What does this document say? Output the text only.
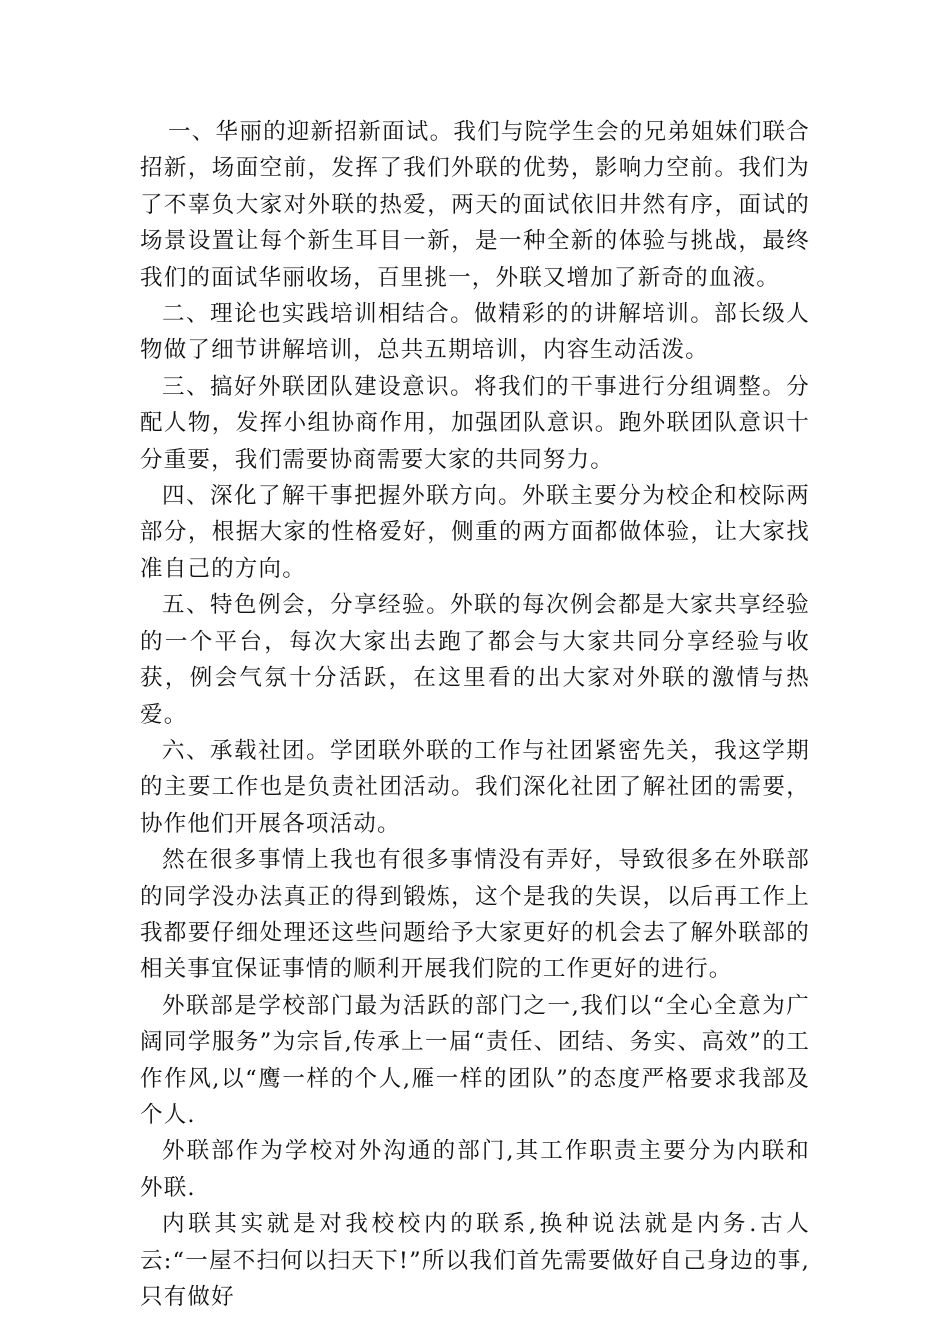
一、华丽的迎新招新面试。我们与院学生会的兄弟姐妹们联合招新，场面空前，发挥了我们外联的优势，影响力空前。我们为了不辜负大家对外联的热爱，两天的面试依旧井然有序，面试的场景设置让每个新生耳目一新，是一种全新的体验与挑战，最终我们的面试华丽收场，百里挑一，外联又增加了新奇的血液。

二、理论也实践培训相结合。做精彩的的讲解培训。部长级人物做了细节讲解培训，总共五期培训，内容生动活泼。

三、搞好外联团队建设意识。将我们的干事进行分组调整。分配人物，发挥小组协商作用，加强团队意识。跑外联团队意识十分重要，我们需要协商需要大家的共同努力。

四、深化了解干事把握外联方向。外联主要分为校企和校际两部分，根据大家的性格爱好，侧重的两方面都做体验，让大家找准自己的方向。

五、特色例会，分享经验。外联的每次例会都是大家共享经验的一个平台，每次大家出去跑了都会与大家共同分享经验与收获，例会气氛十分活跃，在这里看的出大家对外联的激情与热爱。

六、承载社团。学团联外联的工作与社团紧密先关，我这学期的主要工作也是负责社团活动。我们深化社团了解社团的需要，协作他们开展各项活动。

然在很多事情上我也有很多事情没有弄好，导致很多在外联部的同学没办法真正的得到锻炼，这个是我的失误，以后再工作上我都要仔细处理还这些问题给予大家更好的机会去了解外联部的相关事宜保证事情的顺利开展我们院的工作更好的进行。

外联部是学校部门最为活跃的部门之一,我们以“全心全意为广阔同学服务”为宗旨,传承上一届“责任、团结、务实、高效”的工作作风,以“鹰一样的个人,雁一样的团队”的态度严格要求我部及个人.

外联部作为学校对外沟通的部门,其工作职责主要分为内联和外联.

内联其实就是对我校校内的联系,换种说法就是内务.古人云:“一屋不扫何以扫天下!”所以我们首先需要做好自己身边的事,只有做好
